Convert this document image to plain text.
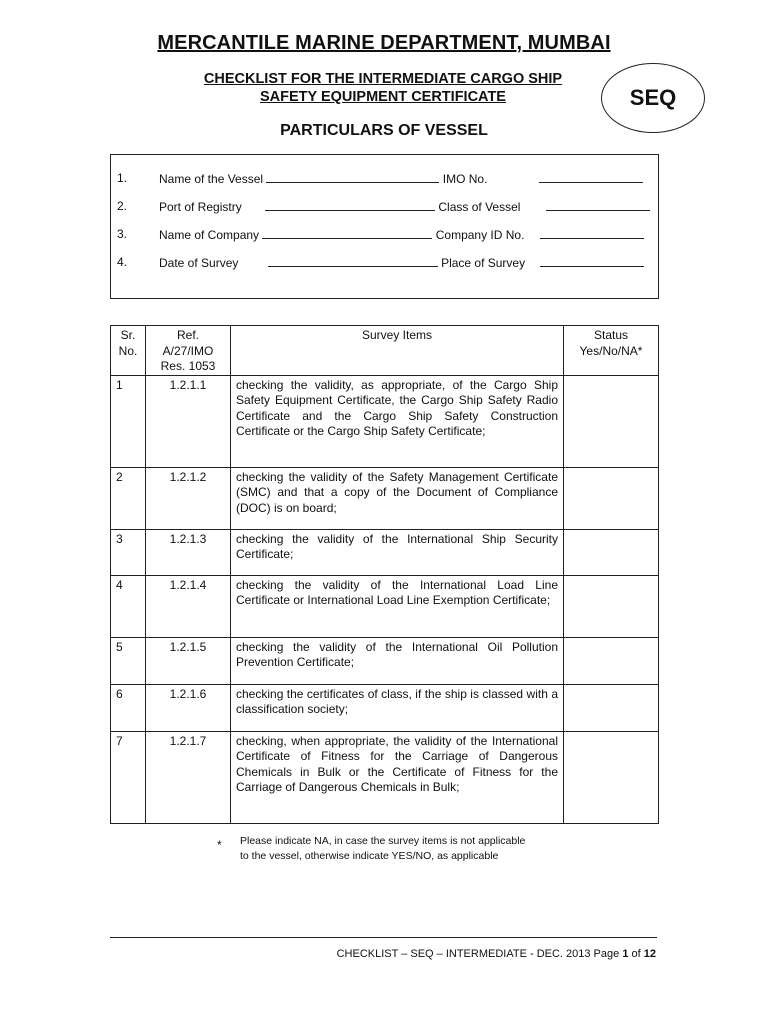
MERCANTILE MARINE DEPARTMENT, MUMBAI
CHECKLIST FOR THE INTERMEDIATE CARGO SHIP
SAFETY EQUIPMENT CERTIFICATE	SEQ
PARTICULARS OF VESSEL
1.	Name of the Vessel	IMO No.
2.	Port of Registry	Class of Vessel
3.	Name of Company	Company ID No.
4.	Date of Survey	Place of Survey
Sr. No.	Ref. A/27/IMO Res. 1053	Survey Items	Status Yes/No/NA*
1	1.2.1.1	checking the validity, as appropriate, of the Cargo Ship Safety Equipment Certificate, the Cargo Ship Safety Radio Certificate and the Cargo Ship Safety Construction Certificate or the Cargo Ship Safety Certificate;	
2	1.2.1.2	checking the validity of the Safety Management Certificate (SMC) and that a copy of the Document of Compliance (DOC) is on board;	
3	1.2.1.3	checking the validity of the International Ship Security Certificate;	
4	1.2.1.4	checking the validity of the International Load Line Certificate or International Load Line Exemption Certificate;	
5	1.2.1.5	checking the validity of the International Oil Pollution Prevention Certificate;	
6	1.2.1.6	checking the certificates of class, if the ship is classed with a classification society;	
7	1.2.1.7	checking, when appropriate, the validity of the International Certificate of Fitness for the Carriage of Dangerous Chemicals in Bulk or the Certificate of Fitness for the Carriage of Dangerous Chemicals in Bulk;	
* Please indicate NA, in case the survey items is not applicable
to the vessel, otherwise indicate YES/NO, as applicable
CHECKLIST – SEQ – INTERMEDIATE - DEC. 2013 Page 1 of 12
